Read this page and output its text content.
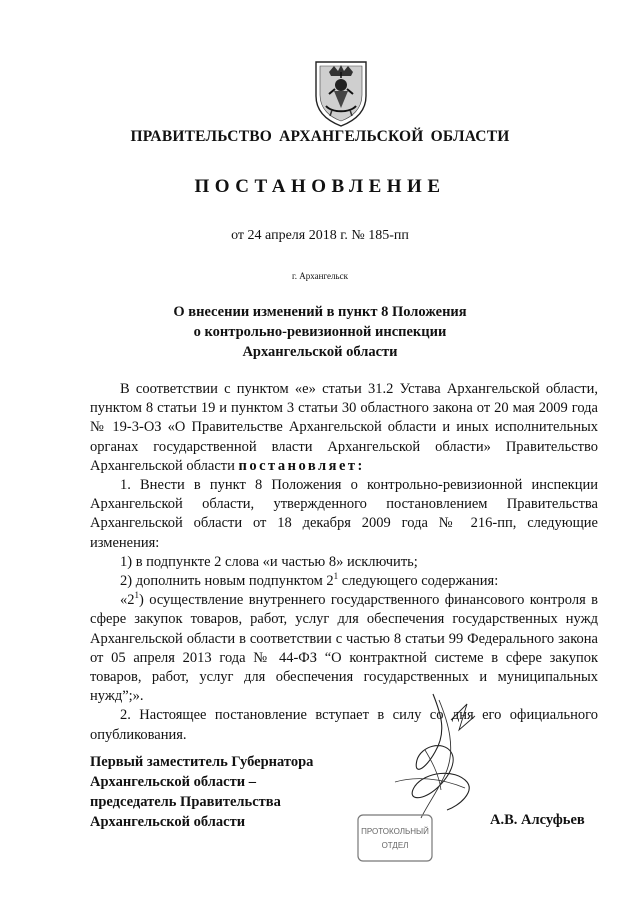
ПРАВИТЕЛЬСТВО АРХАНГЕЛЬСКОЙ ОБЛАСТИ
ПОСТАНОВЛЕНИЕ
от 24 апреля 2018 г. № 185-пп
г. Архангельск
О внесении изменений в пункт 8 Положения
о контрольно-ревизионной инспекции
Архангельской области

В соответствии с пунктом «е» статьи 31.2 Устава Архангельской области, пунктом 8 статьи 19 и пунктом 3 статьи 30 областного закона от 20 мая 2009 года № 19-3-ОЗ «О Правительстве Архангельской области и иных исполнительных органах государственной власти Архангельской области» Правительство Архангельской области постановляет:

1. Внести в пункт 8 Положения о контрольно-ревизионной инспекции Архангельской области, утвержденного постановлением Правительства Архангельской области от 18 декабря 2009 года № 216-пп, следующие изменения:

1) в подпункте 2 слова «и частью 8» исключить;

2) дополнить новым подпунктом $2^1$ следующего содержания:

«$2^1$) осуществление внутреннего государственного финансового контроля в сфере закупок товаров, работ, услуг для обеспечения государственных нужд Архангельской области в соответствии с частью 8 статьи 99 Федерального закона от 05 апреля 2013 года № 44-ФЗ “О контрактной системе в сфере закупок товаров, работ, услуг для обеспечения государственных и муниципальных нужд”;».

2. Настоящее постановление вступает в силу со дня его официального опубликования.

ПРОТОКОЛЬНЫЙ
ОТДЕЛ
Первый заместитель Губернатора
Архангельской области –
председатель Правительства
Архангельской области	А.В. Алсуфьев
